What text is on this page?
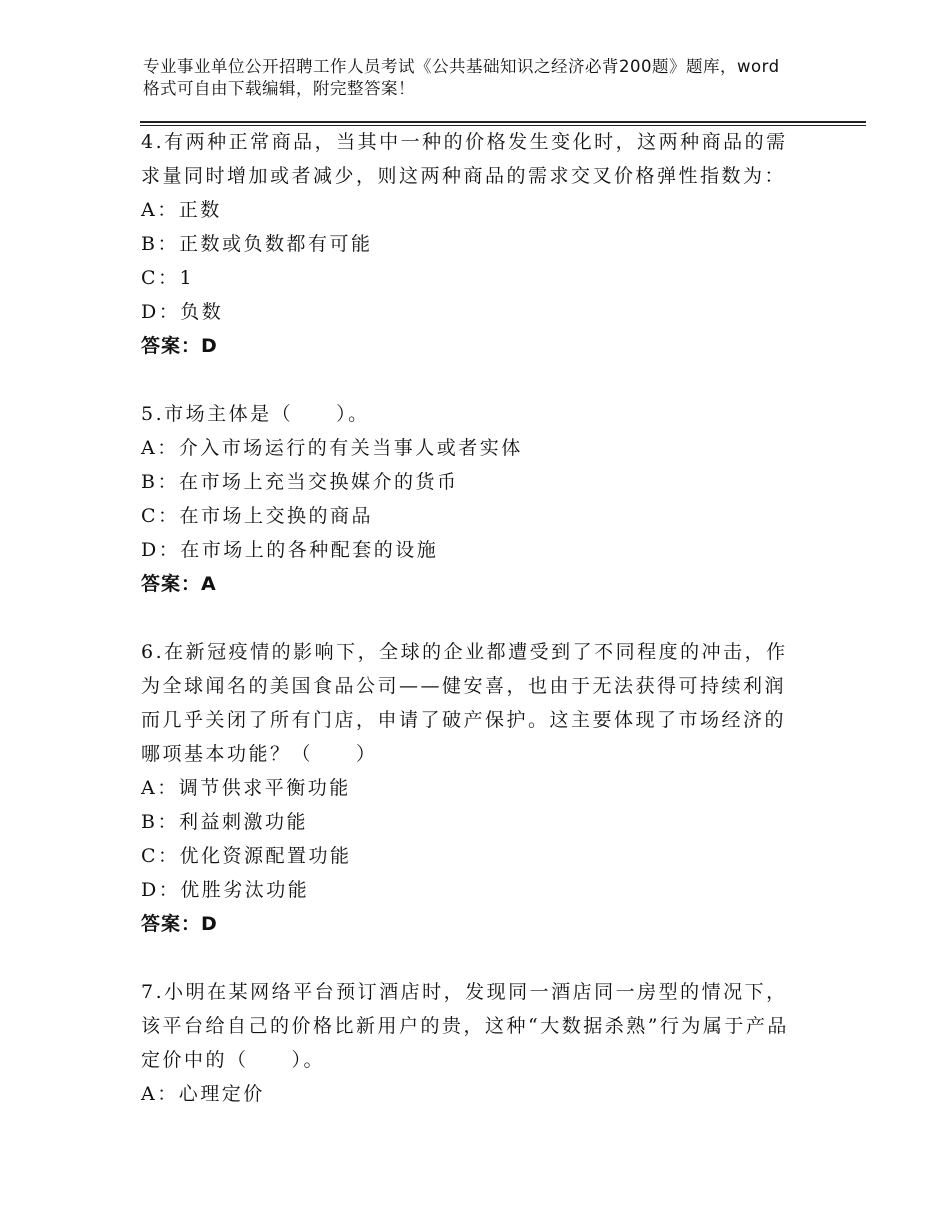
专业事业单位公开招聘工作人员考试《公共基础知识之经济必背200题》题库，word格式可自由下载编辑，附完整答案！

4.有两种正常商品，当其中一种的价格发生变化时，这两种商品的需求量同时增加或者减少，则这两种商品的需求交叉价格弹性指数为：

A：正数

B：正数或负数都有可能

C：1

D：负数

答案：D

5.市场主体是（　　）。

A：介入市场运行的有关当事人或者实体

B：在市场上充当交换媒介的货币

C：在市场上交换的商品

D：在市场上的各种配套的设施

答案：A

6.在新冠疫情的影响下，全球的企业都遭受到了不同程度的冲击，作为全球闻名的美国食品公司——健安喜，也由于无法获得可持续利润而几乎关闭了所有门店，申请了破产保护。这主要体现了市场经济的哪项基本功能？（　　）

A：调节供求平衡功能

B：利益刺激功能

C：优化资源配置功能

D：优胜劣汰功能

答案：D

7.小明在某网络平台预订酒店时，发现同一酒店同一房型的情况下，该平台给自己的价格比新用户的贵，这种“大数据杀熟”行为属于产品定价中的（　　）。

A：心理定价
